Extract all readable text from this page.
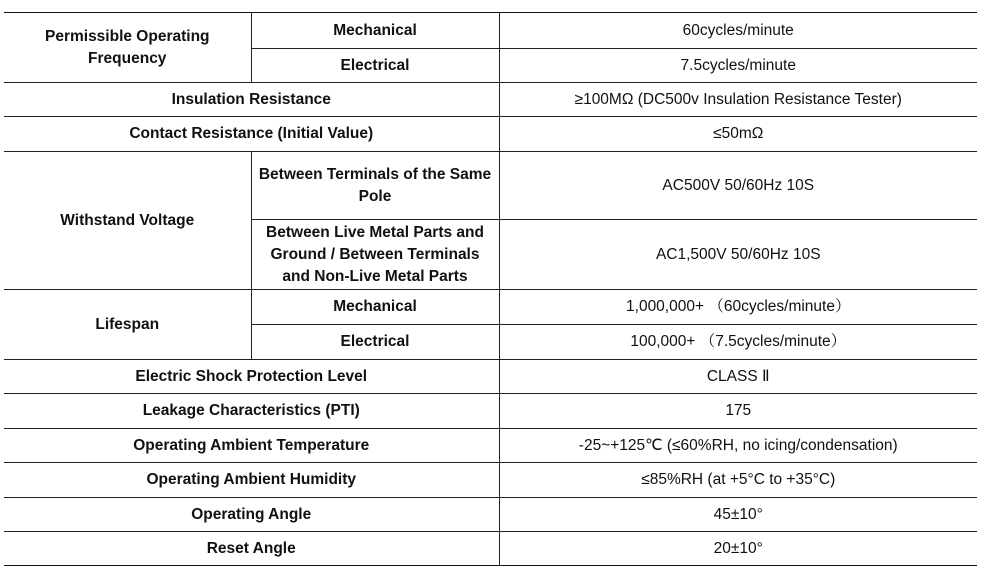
Permissible Operating Frequency	Mechanical	60cycles/minute
	Electrical	7.5cycles/minute
Insulation Resistance		≥100MΩ (DC500v Insulation Resistance Tester)
Contact Resistance (Initial Value)		≤50mΩ
Withstand Voltage	Between Terminals of the Same Pole	AC500V 50/60Hz 10S
	Between Live Metal Parts and Ground / Between Terminals and Non-Live Metal Parts	AC1,500V 50/60Hz 10S
Lifespan	Mechanical	1,000,000+ （60cycles/minute）
	Electrical	100,000+ （7.5cycles/minute）
Electric Shock Protection Level		CLASS Ⅱ
Leakage Characteristics (PTI)		175
Operating Ambient Temperature		-25~+125℃ (≤60%RH, no icing/condensation)
Operating Ambient Humidity		≤85%RH (at +5°C to +35°C)
Operating Angle		45±10°
Reset Angle		20±10°
